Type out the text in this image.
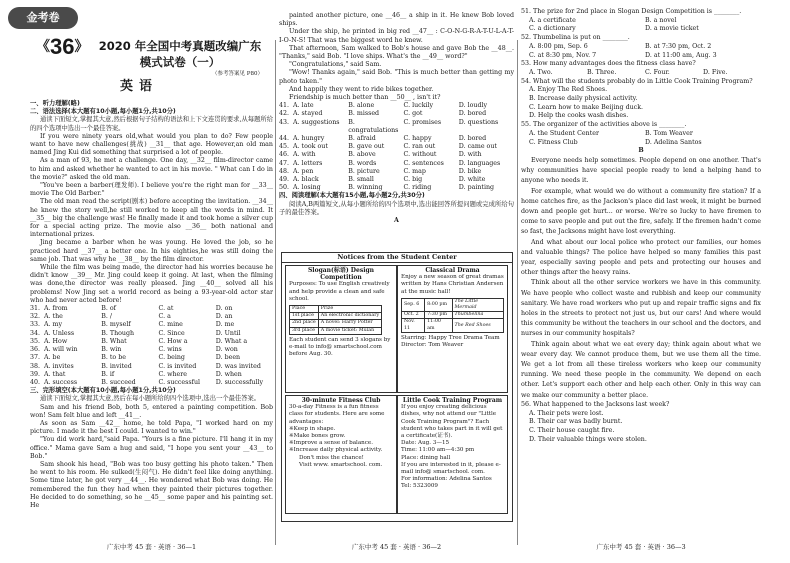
金考卷
《36》 2020 年全国中考真题改编广东
模式试卷（一）
（参考答案见 P80）
英语
一、听力理解(略)
二、语法选择(本大题有10小题,每小题1分,共10分)

通读下面短文,掌握其大意,然后根据句子结构的语法和上下文连贯的要求,从每题所给的四个选项中选出一个最佳答案。

If you were ninety years old,what would you plan to do? Few people want to have new challenges(挑战) __31__ that age. However,an old man named Jing Kui did something that surprised a lot of people.

As a man of 93, he met a challenge. One day, __32__ film-director came to him and asked whether he wanted to act in his movie. " What can I do in the movie?" asked the old man.

"You've been a barber(理发师). I believe you're the right man for __33__ movie The Old Barber."

The old man read the script(剧本) before accepting the invitation. __34__ he knew the story well,he still worked to keep all the words in mind. It __35__ big the challenge was! He finally made it and took home a silver cup for a special acting prize. The movie also __36__ both national and international prizes.

Jing became a barber when he was young. He loved the job, so he practiced hard __37__ a better one. In his eighties,he was still doing the same job. That was why he __38__ by the film director.

While the film was being made, the director had his worries because he didn't know __39__ Mr. Jing could keep it going. At last, when the filming was done,the director was really pleased. Jing __40__ solved all his problems! Now Jing set a world record as being a 93-year-old actor star who had never acted before!

31. A. from	B. of	C. at	D. on
32. A. the	B. /	C. a	D. an
33. A. my	B. myself	C. mine	D. me
34. A. Unless	B. Though	C. Since	D. Until
35. A. How	B. What	C. How a	D. What a
36. A. will win	B. win	C. wins	D. won
37. A. be	B. to be	C. being	D. been
38. A. invites	B. invited	C. is invited	D. was invited
39. A. that	B. if	C. where	D. when
40. A. success	B. succeed	C. successful	D. successfully
三、完形填空(本大题有10小题,每小题1分,共10分)

通读下面短文,掌握其大意,然后在每小题所给的四个选项中,选出一个最佳答案。

Sam and his friend Bob, both 5, entered a painting competition. Bob won! Sam felt blue and left __41__.

As soon as Sam __42__ home, he told Papa, "I worked hard on my picture. I made it the best I could. I wanted to win."

"You did work hard,"said Papa. "Yours is a fine picture. I'll hang it in my office." Mama gave Sam a hug and said, "I hope you sent your __43__ to Bob."

Sam shook his head, "Bob was too busy getting his photo taken." Then he went to his room. He sulked(生闷气). He didn't feel like doing anything. Some time later, he got very __44__. He wondered what Bob was doing. He remembered the fun they had when they painted their pictures together. He decided to do something, so he __45__ some paper and his painting set. He

广东中考 45 套 · 英语 · 36—1

painted another picture, one __46__ a ship in it. He knew Bob loved ships.

Under the ship, he printed in big red __47__ : C-O-N-G-R-A-T-U-L-A-T-I-O-N-S! That was the biggest word he knew.

That afternoon, Sam walked to Bob's house and gave Bob the __48__. "Thanks," said Bob. "I love ships. What's the __49__ word?"

"Congratulations," said Sam.

"Wow! Thanks again," said Bob. "This is much better than getting my photo taken."

And happily they went to ride bikes together.

Friendship is much better than __50__ , isn't it?

41. A. late	B. alone	C. luckily	D. loudly
42. A. stayed	B. missed	C. got	D. bored
43. A. suggestions	B. congratulations
C. promises	D. questions
44. A. hungry	B. afraid	C. happy	D. bored
45. A. took out	B. gave out	C. ran out	D. came out
46. A. with	B. above	C. without	D. with
47. A. letters	B. words	C. sentences	D. languages
48. A. pen	B. picture	C. map	D. bike
49. A. black	B. small	C. big	D. white
50. A. losing	B. winning	C. riding	D. painting
四、阅读理解(本大题有15小题,每小题2分,共30分)

阅读A,B两篇短文,从每小题所给的四个选项中,选出能回答所提问题或完成所给句子的最佳答案。

A
Notices from the Student Center
Slogan(标语) Design Competition
Purposes: To use English creatively and help provide a clean and safe school.
Place	Prize
1st place	An electronic dictionary
2nd place	A novel: Harry Potter
3rd place	A movie ticket: Mulan
Each student can send 3 slogans by e-mail to info@ smartschool.com before Aug. 30.
Classical Drama
Enjoy a new season of great dramas written by Hans Christian Andersen at the music hall!
Sep. 6	8:00 pm	The Little Mermaid
Oct. 2	7:30 pm	Thumbelina
Nov. 11	11:00 am	The Red Shoes
Starring: Happy Tree Drama Team
Director: Tom Weaver
30-minute Fitness Club
30-a-day Fitness is a fun fitness class for students. Here are some advantages:
※Keep in shape.
※Make bones grow.
※Improve a sense of balance.
※Increase daily physical activity.
Don't miss the chance!
Visit www. smartschool. com.
Little Cook Training Program
If you enjoy creating delicious dishes, why not attend our "Little Cook Training Program"? Each student who takes part in it will get a certificate(证书).
Date: Aug. 3—15
Time: 11:00 am—4:30 pm
Place: dining hall
If you are interested in it, please e-mail info@ smartschool. com.
For information: Adelina Santos
Tel: 5323009
广东中考 45 套 · 英语 · 36—2
51. The prize for 2nd place in Slogan Design Competition is ________.
A. a certificate	B. a novel
C. a dictionary	D. a movie ticket
52. Thumbelina is put on ________.
A. 8:00 pm, Sep. 6	B. at 7:30 pm, Oct. 2
C. at 8:30 pm, Nov. 7	D. at 11:00 am, Aug. 3
53. How many advantages does the fitness class have?
A. Two.	B. Three.	C. Four.	D. Five.
54. What will the students probably do in Little Cook Training Program?
A. Enjoy The Red Shoes.
B. Increase daily physical activity.
C. Learn how to make Beijing duck.
D. Help the cooks wash dishes.
55. The organizer of the activities above is ________.
A. the Student Center	B. Tom Weaver
C. Fitness Club	D. Adelina Santos
B

Everyone needs help sometimes. People depend on one another. That's why communities have special people ready to lend a helping hand to anyone who needs it.

For example, what would we do without a community fire station? If a home catches fire, as the Jackson's place did last week, it might be burned down and people get hurt... or worse. We're so lucky to have firemen to come to save people and put out the fire, safely. If the firemen hadn't come so fast, the Jacksons might have lost everything.

And what about our local police who protect our families, our homes and valuable things? The police have helped so many families this past year, especially saving people and pets and protecting our houses and other things after the heavy rains.

Think about all the other service workers we have in this community. We have people who collect waste and rubbish and keep our community sanitary. We have road workers who put up and repair traffic signs and fix holes in the streets to protect not just us, but our cars! And where would this community be without the teachers in our school and the doctors, and nurses in our community hospitals?

Think again about what we eat every day; think again about what we wear every day. We cannot produce them, but we use them all the time. We get a lot from all these tireless workers who keep our community running. We need these people in the community. We depend on each other. Let's support each other and help each other. Only in this way can we make our community a better place.

56. What happened to the Jacksons last week?
A. Their pets were lost.
B. Their car was badly burnt.
C. Their house caught fire.
D. Their valuable things were stolen.
广东中考 45 套 · 英语 · 36—3
